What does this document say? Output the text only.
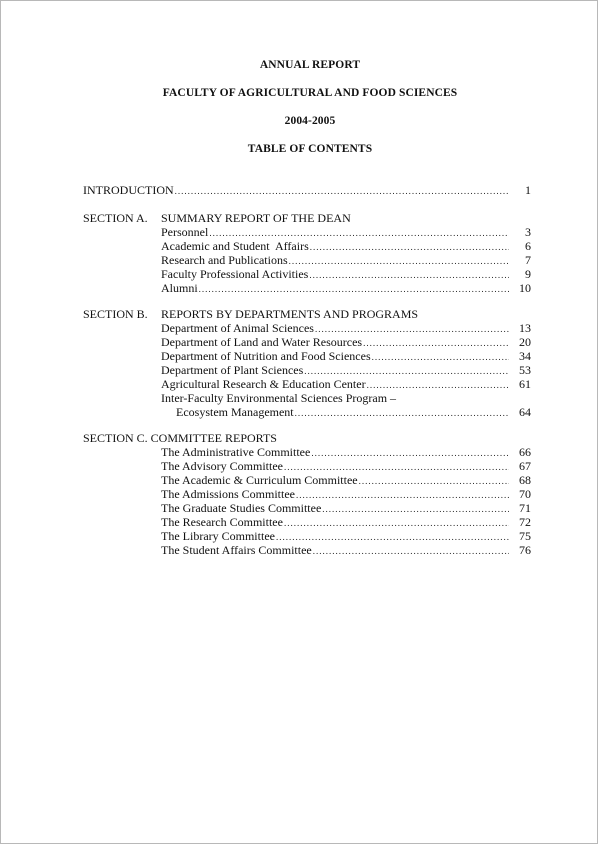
ANNUAL REPORT
FACULTY OF AGRICULTURAL AND FOOD SCIENCES
2004-2005
TABLE OF CONTENTS
INTRODUCTION .....	1
SECTION A. SUMMARY REPORT OF THE DEAN
Personnel .....	3
Academic and Student  Affairs .....	6
Research and Publications .....	7
Faculty Professional Activities .....	9
Alumni .....	10
SECTION B. REPORTS BY DEPARTMENTS AND PROGRAMS
Department of Animal Sciences .....	13
Department of Land and Water Resources .....	20
Department of Nutrition and Food Sciences .....	34
Department of Plant Sciences .....	53
Agricultural Research & Education Center .....	61
Inter-Faculty Environmental Sciences Program –
Ecosystem Management .....	64
SECTION C. COMMITTEE REPORTS
The Administrative Committee .....	66
The Advisory Committee .....	67
The Academic & Curriculum Committee .....	68
The Admissions Committee .....	70
The Graduate Studies Committee .....	71
The Research Committee .....	72
The Library Committee .....	75
The Student Affairs Committee .....	76
